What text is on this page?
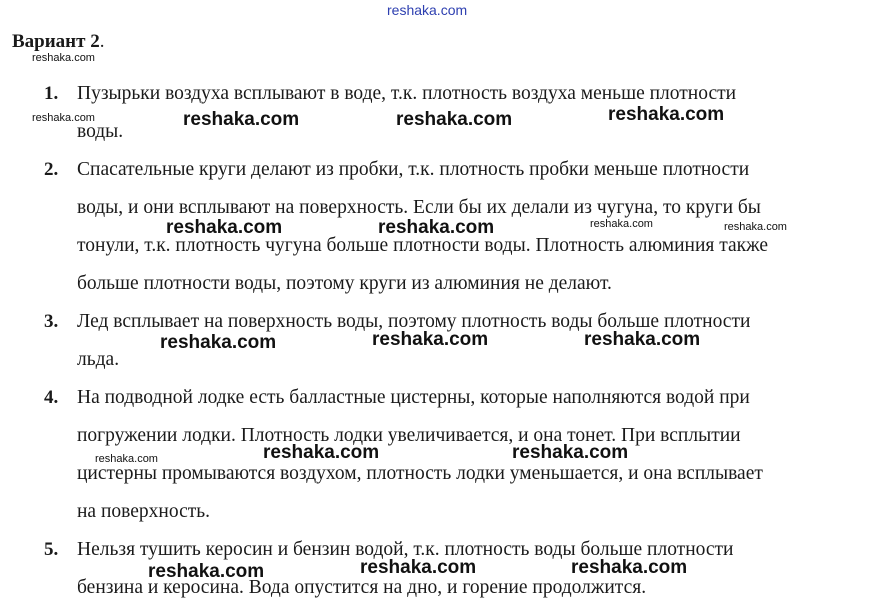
reshaka.com
Вариант 2.
1. Пузырьки воздуха всплывают в воде, т.к. плотность воздуха меньше плотности
воды.
2. Спасательные круги делают из пробки, т.к. плотность пробки меньше плотности
воды, и они всплывают на поверхность. Если бы их делали из чугуна, то круги бы
тонули, т.к. плотность чугуна больше плотности воды. Плотность алюминия также
больше плотности воды, поэтому круги из алюминия не делают.
3. Лед всплывает на поверхность воды, поэтому плотность воды больше плотности
льда.
4. На подводной лодке есть балластные цистерны, которые наполняются водой при
погружении лодки. Плотность лодки увеличивается, и она тонет. При всплытии
цистерны промываются воздухом, плотность лодки уменьшается, и она всплывает
на поверхность.
5. Нельзя тушить керосин и бензин водой, т.к. плотность воды больше плотности
бензина и керосина. Вода опустится на дно, и горение продолжится.
reshaka.com
reshaka.com
reshaka.com	reshaka.com
reshaka.com
reshaka.com	reshaka.com	reshaka.com
reshaka.com	reshaka.com
reshaka.com	reshaka.com	reshaka.com
reshaka.com	reshaka.com
reshaka.com	reshaka.com	reshaka.com
